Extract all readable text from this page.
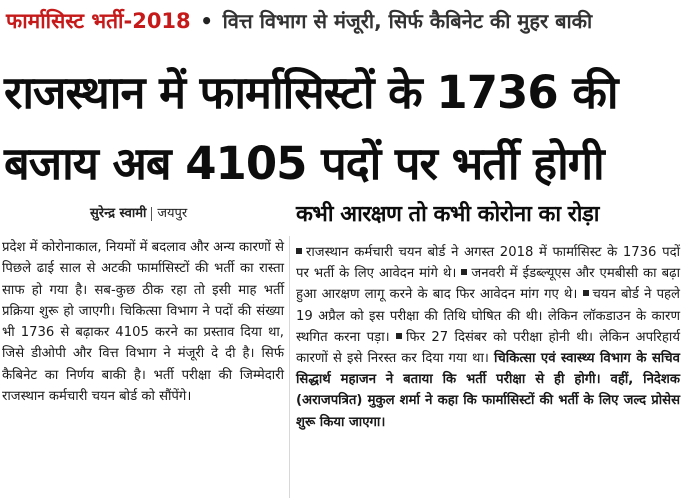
फार्मासिस्ट भर्ती-2018 • वित्त विभाग से मंजूरी, सिर्फ कैबिनेट की मुहर बाकी
राजस्थान में फार्मासिस्टों के 1736 की
बजाय अब 4105 पदों पर भर्ती होगी
सुरेन्द्र स्वामी जयपुर	कभी आरक्षण तो कभी कोरोना का रोड़ा
प्रदेश में कोरोनाकाल, नियमों में बदलाव और अन्य कारणों से पिछले ढाई साल से अटकी फार्मासिस्टों की भर्ती का रास्ता साफ हो गया है। सब-कुछ ठीक रहा तो इसी माह भर्ती प्रक्रिया शुरू हो जाएगी। चिकित्सा विभाग ने पदों की संख्या भी 1736 से बढ़ाकर 4105 करने का प्रस्ताव दिया था, जिसे डीओपी और वित्त विभाग ने मंजूरी दे दी है। सिर्फ कैबिनेट का निर्णय बाकी है। भर्ती परीक्षा की जिम्मेदारी राजस्थान कर्मचारी चयन बोर्ड को सौंपेंगे।
राजस्थान कर्मचारी चयन बोर्ड ने अगस्त 2018 में फार्मासिस्ट के 1736 पदों पर भर्ती के लिए आवेदन मांगे थे। जनवरी में ईडब्ल्यूएस और एमबीसी का बढ़ा हुआ आरक्षण लागू करने के बाद फिर आवेदन मांग गए थे। चयन बोर्ड ने पहले 19 अप्रैल को इस परीक्षा की तिथि घोषित की थी। लेकिन लॉकडाउन के कारण स्थगित करना पड़ा। फिर 27 दिसंबर को परीक्षा होनी थी। लेकिन अपरिहार्य कारणों से इसे निरस्त कर दिया गया था। चिकित्सा एवं स्वास्थ्य विभाग के सचिव सिद्धार्थ महाजन ने बताया कि भर्ती परीक्षा से ही होगी। वहीं, निदेशक (अराजपत्रित) मुकुल शर्मा ने कहा कि फार्मासिस्टों की भर्ती के लिए जल्द प्रोसेस शुरू किया जाएगा।
